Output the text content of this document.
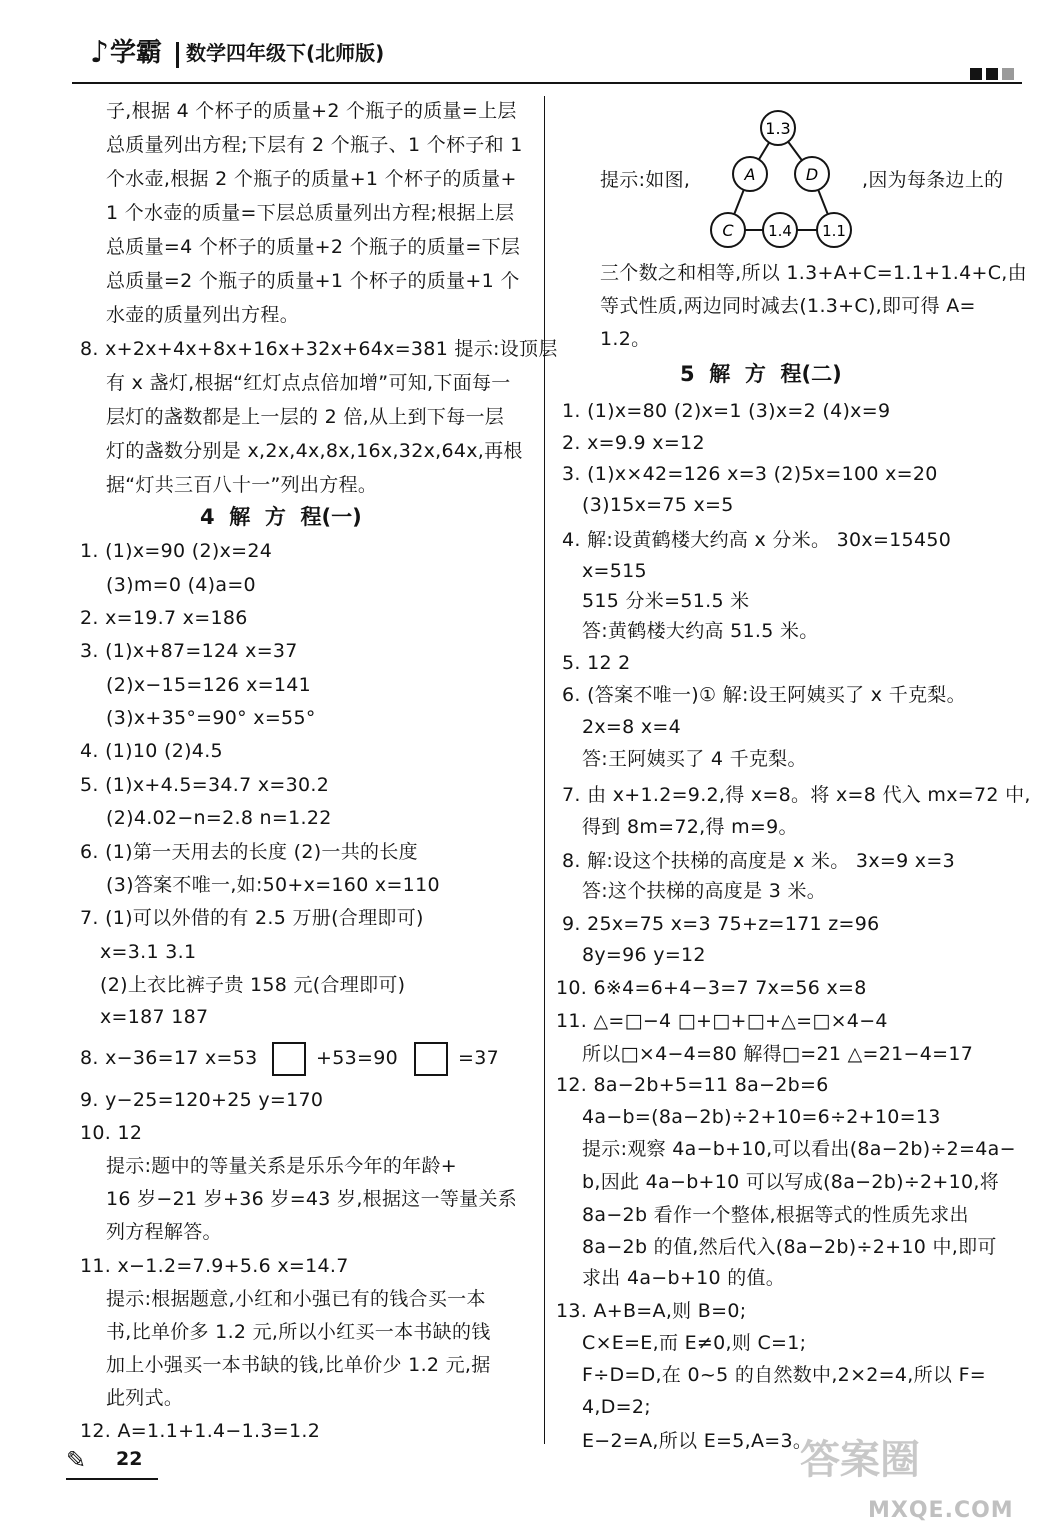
♪ 学霸 数学四年级下(北师版)
子,根据 4 个杯子的质量+2 个瓶子的质量=上层
总质量列出方程;下层有 2 个瓶子、1 个杯子和 1
个水壶,根据 2 个瓶子的质量+1 个杯子的质量+
1 个水壶的质量=下层总质量列出方程;根据上层
总质量=4 个杯子的质量+2 个瓶子的质量=下层
总质量=2 个瓶子的质量+1 个杯子的质量+1 个
水壶的质量列出方程。
8. x+2x+4x+8x+16x+32x+64x=381 提示:设顶层
有 x 盏灯,根据“红灯点点倍加增”可知,下面每一
层灯的盏数都是上一层的 2 倍,从上到下每一层
灯的盏数分别是 x,2x,4x,8x,16x,32x,64x,再根
据“灯共三百八十一”列出方程。
1. (1)x=90 (2)x=24
(3)m=0 (4)a=0
2. x=19.7 x=186
3. (1)x+87=124 x=37
(2)x−15=126 x=141
(3)x+35°=90° x=55°
4. (1)10 (2)4.5
5. (1)x+4.5=34.7 x=30.2
(2)4.02−n=2.8 n=1.22
6. (1)第一天用去的长度 (2)一共的长度
(3)答案不唯一,如:50+x=160 x=110
7. (1)可以外借的有 2.5 万册(合理即可)
x=3.1 3.1
(2)上衣比裤子贵 158 元(合理即可)
x=187 187
9. y−25=120+25 y=170
10. 12
提示:题中的等量关系是乐乐今年的年龄+
16 岁−21 岁+36 岁=43 岁,根据这一等量关系
列方程解答。
11. x−1.2=7.9+5.6 x=14.7
提示:根据题意,小红和小强已有的钱合买一本
书,比单价多 1.2 元,所以小红买一本书缺的钱
加上小强买一本书缺的钱,比单价少 1.2 元,据
此列式。
12. A=1.1+1.4−1.3=1.2
4  解  方  程(一)
8. x−36=17 x=53	+53=90	=37
提示:如图,	,因为每条边上的
1.3
A	D
C 1.4 1.1
三个数之和相等,所以 1.3+A+C=1.1+1.4+C,由
等式性质,两边同时减去(1.3+C),即可得 A=
1.2。
1. (1)x=80 (2)x=1 (3)x=2 (4)x=9
2. x=9.9 x=12
3. (1)x×42=126 x=3 (2)5x=100 x=20
(3)15x=75 x=5
4. 解:设黄鹤楼大约高 x 分米。 30x=15450
x=515
515 分米=51.5 米
答:黄鹤楼大约高 51.5 米。
5. 12 2
6. (答案不唯一)① 解:设王阿姨买了 x 千克梨。
2x=8 x=4
答:王阿姨买了 4 千克梨。
7. 由 x+1.2=9.2,得 x=8。将 x=8 代入 mx=72 中,
得到 8m=72,得 m=9。
8. 解:设这个扶梯的高度是 x 米。 3x=9 x=3
答:这个扶梯的高度是 3 米。
9. 25x=75 x=3 75+z=171 z=96
8y=96 y=12
10. 6※4=6+4−3=7 7x=56 x=8
11. △=□−4 □+□+□+△=□×4−4
所以□×4−4=80 解得□=21 △=21−4=17
12. 8a−2b+5=11 8a−2b=6
4a−b=(8a−2b)÷2+10=6÷2+10=13
提示:观察 4a−b+10,可以看出(8a−2b)÷2=4a−
b,因此 4a−b+10 可以写成(8a−2b)÷2+10,将
8a−2b 看作一个整体,根据等式的性质先求出
8a−2b 的值,然后代入(8a−2b)÷2+10 中,即可
求出 4a−b+10 的值。
13. A+B=A,则 B=0;
C×E=E,而 E≠0,则 C=1;
F÷D=D,在 0~5 的自然数中,2×2=4,所以 F=
4,D=2;
E−2=A,所以 E=5,A=3。
5  解  方  程(二)
✎ 22	答案圈
MXQE.COM
